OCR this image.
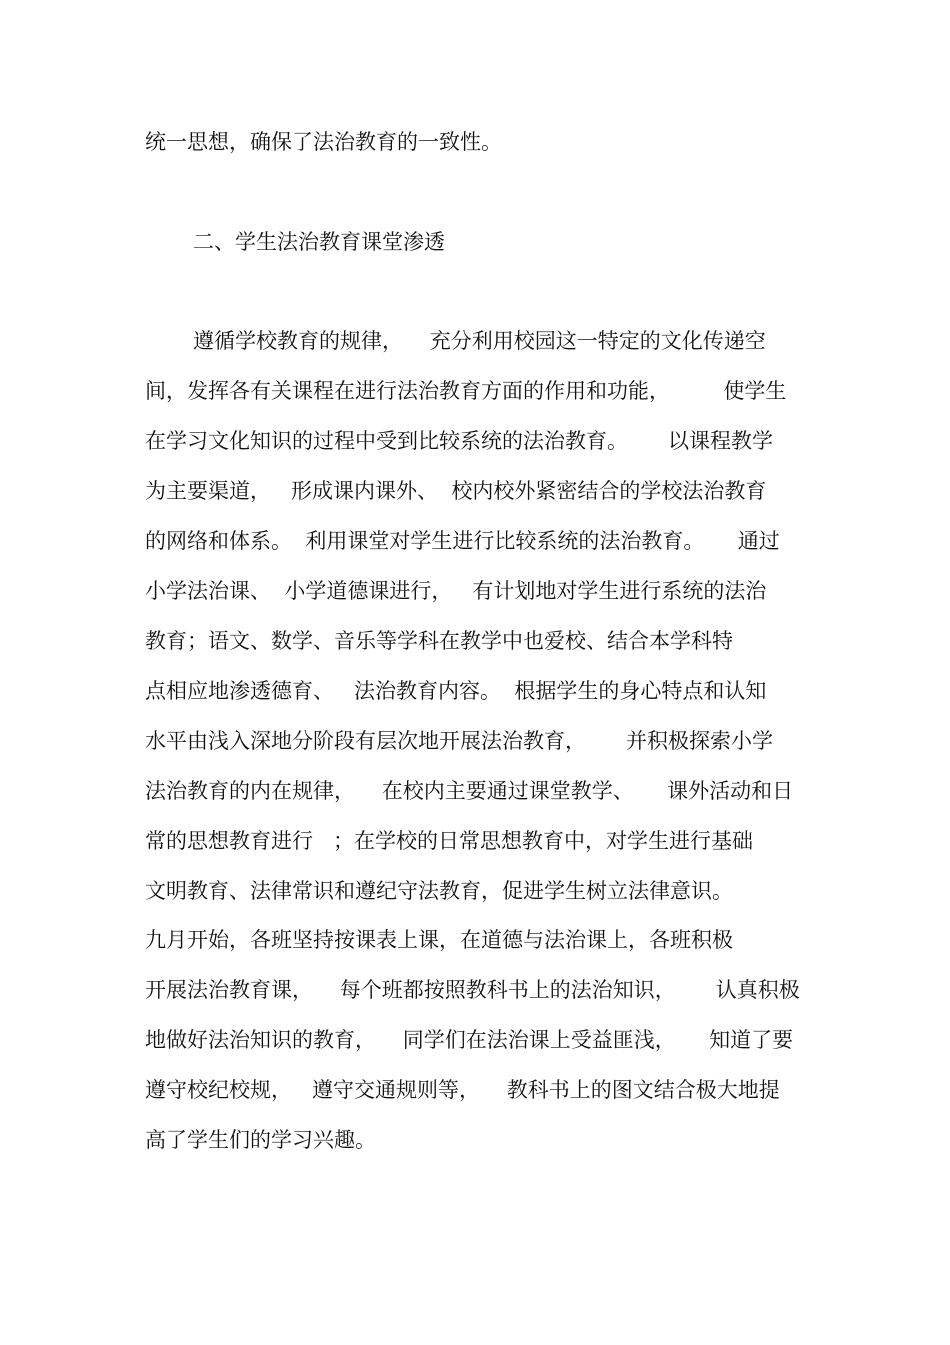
统一思想，确保了法治教育的一致性。

二、学生法治教育课堂渗透

遵循学校教育的规律，    充分利用校园这一特定的文化传递空

间，发挥各有关课程在进行法治教育方面的作用和功能，        使学生

在学习文化知识的过程中受到比较系统的法治教育。      以课程教学

为主要渠道，   形成课内课外、  校内校外紧密结合的学校法治教育

的网络和体系。  利用课堂对学生进行比较系统的法治教育。     通过

小学法治课、  小学道德课进行，   有计划地对学生进行系统的法治

教育；语文、数学、音乐等学科在教学中也爱校、结合本学科特

点相应地渗透德育、   法治教育内容。  根据学生的身心特点和认知

水平由浅入深地分阶段有层次地开展法治教育，      并积极探索小学

法治教育的内在规律，    在校内主要通过课堂教学、     课外活动和日

常的思想教育进行   ；在学校的日常思想教育中，对学生进行基础

文明教育、法律常识和遵纪守法教育，促进学生树立法律意识。

九月开始，各班坚持按课表上课，在道德与法治课上，各班积极

开展法治教育课，    每个班都按照教科书上的法治知识，      认真积极

地做好法治知识的教育，    同学们在法治课上受益匪浅，     知道了要

遵守校纪校规，   遵守交通规则等，    教科书上的图文结合极大地提

高了学生们的学习兴趣。
